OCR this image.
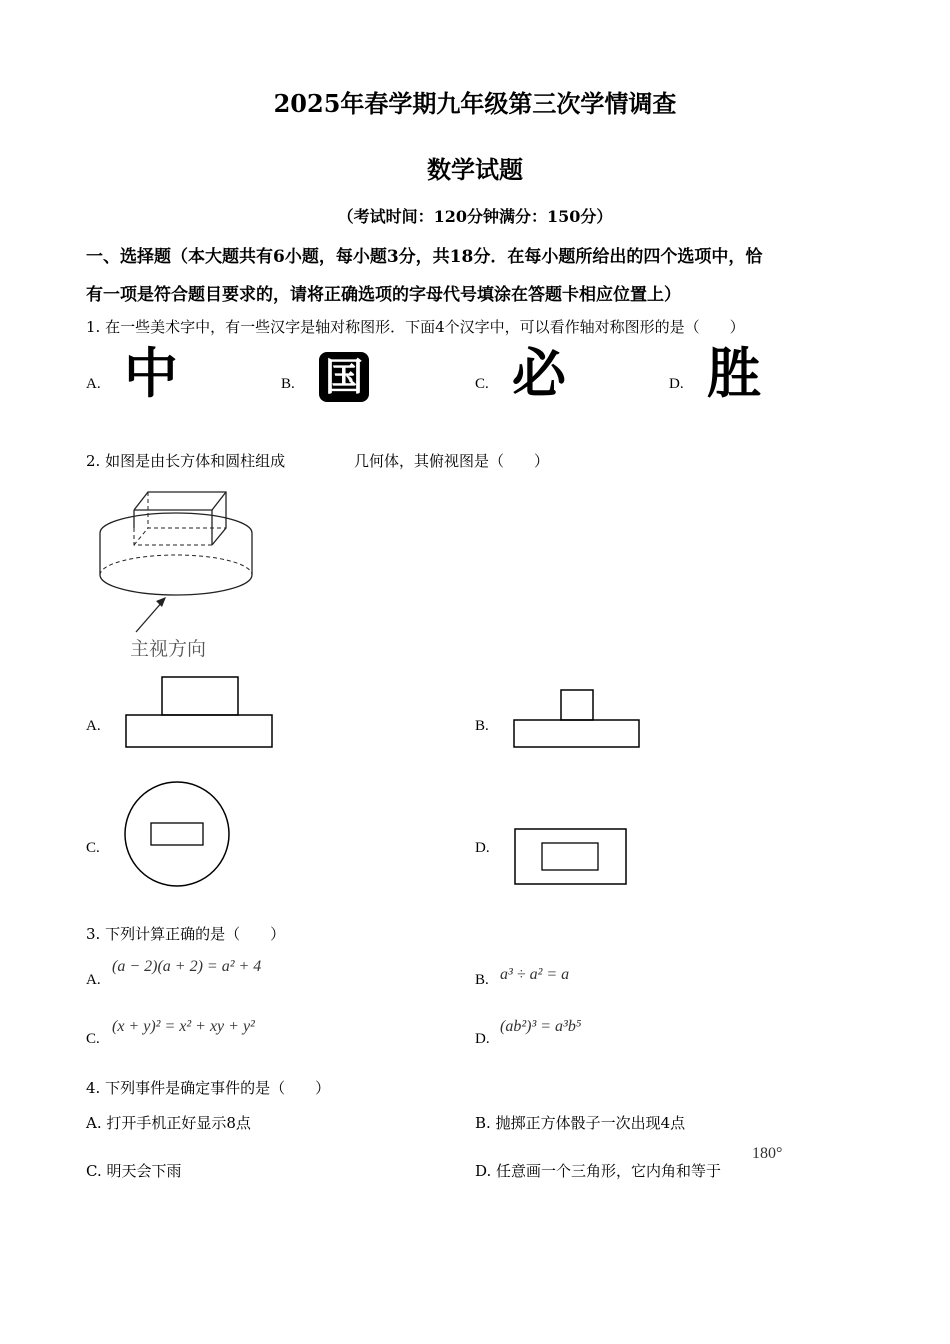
2025年春学期九年级第三次学情调查
数学试题
（考试时间：120分钟满分：150分）
一、选择题（本大题共有6小题，每小题3分，共18分．在每小题所给出的四个选项中，恰
有一项是符合题目要求的，请将正确选项的字母代号填涂在答题卡相应位置上）
1. 在一些美术字中，有一些汉字是轴对称图形．下面4个汉字中，可以看作轴对称图形的是（　　）
A. 中	B. 国	C. 必	D. 胜
2. 如图是由长方体和圆柱组成	几何体，其俯视图是（　　）
主视方向
A.	B.
C.	D.
3. 下列计算正确的是（　　）
A.
(a − 2)(a + 2) = a² + 4
B. a³ ÷ a² = a
C.
(x + y)² = x² + xy + y²
D.
(ab²)³ = a³b⁵
4. 下列事件是确定事件的是（　　）
A. 打开手机正好显示8点	B. 抛掷正方体骰子一次出现4点
C. 明天会下雨	D. 任意画一个三角形，它内角和等于
180°
